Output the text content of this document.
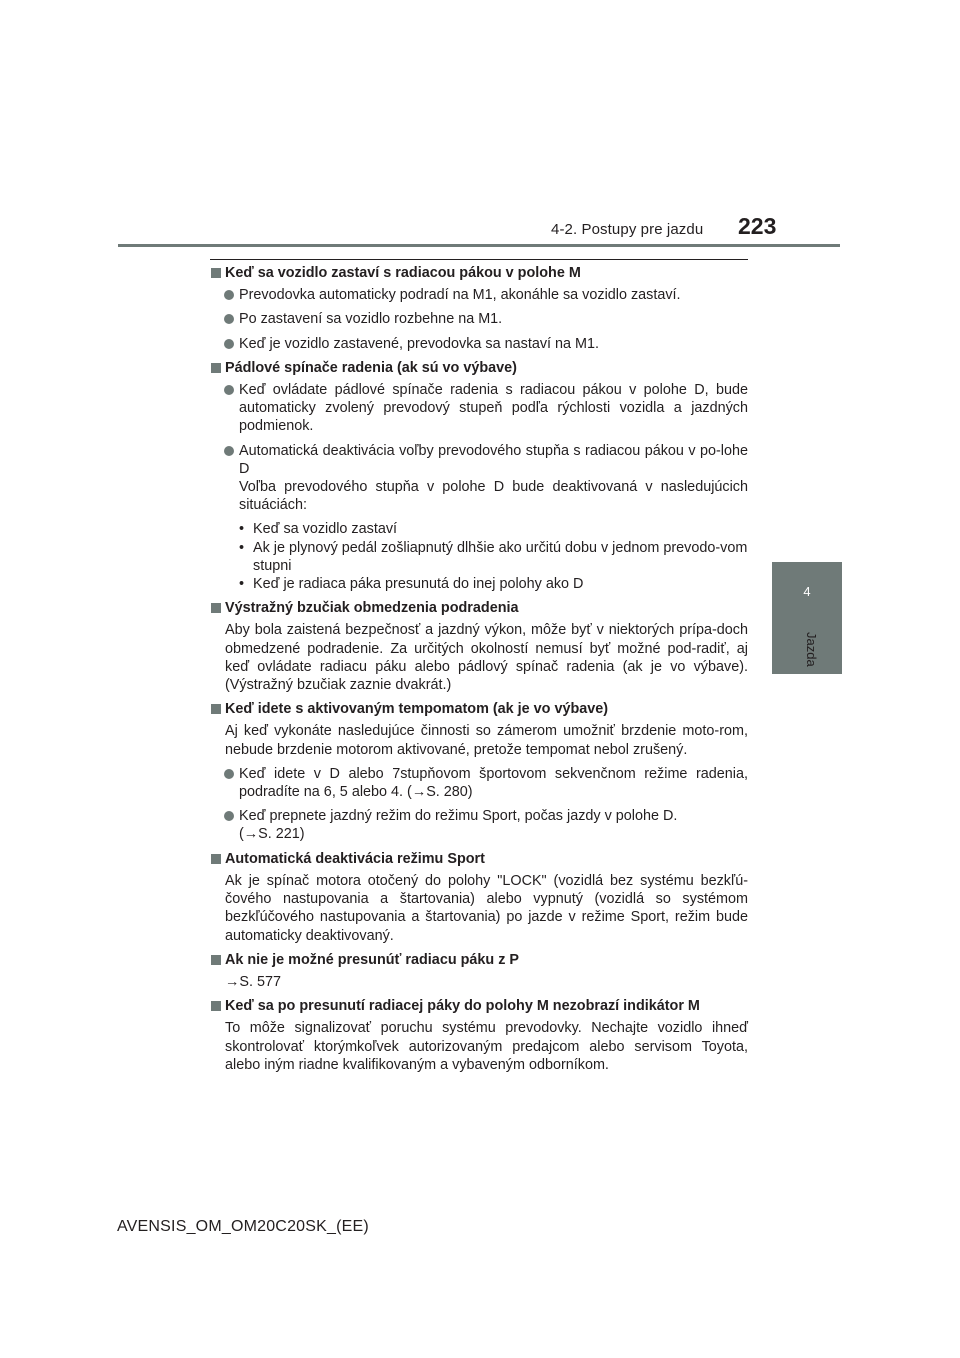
4-2. Postupy pre jazdu 223
4
Jazda
Keď sa vozidlo zastaví s radiacou pákou v polohe M
Prevodovka automaticky podradí na M1, akonáhle sa vozidlo zastaví.
Po zastavení sa vozidlo rozbehne na M1.
Keď je vozidlo zastavené, prevodovka sa nastaví na M1.
Pádlové spínače radenia (ak sú vo výbave)
Keď ovládate pádlové spínače radenia s radiacou pákou v polohe D, bude automaticky zvolený prevodový stupeň podľa rýchlosti vozidla a jazdných podmienok.
Automatická deaktivácia voľby prevodového stupňa s radiacou pákou v po-lohe D
Voľba prevodového stupňa v polohe D bude deaktivovaná v nasledujúcich situáciách:
• Keď sa vozidlo zastaví
• Ak je plynový pedál zošliapnutý dlhšie ako určitú dobu v jednom prevodo-vom stupni
• Keď je radiaca páka presunutá do inej polohy ako D
Výstražný bzučiak obmedzenia podradenia
Aby bola zaistená bezpečnosť a jazdný výkon, môže byť v niektorých prípa-doch obmedzené podradenie. Za určitých okolností nemusí byť možné pod-radiť, aj keď ovládate radiacu páku alebo pádlový spínač radenia (ak je vo výbave). (Výstražný bzučiak zaznie dvakrát.)
Keď idete s aktivovaným tempomatom (ak je vo výbave)
Aj keď vykonáte nasledujúce činnosti so zámerom umožniť brzdenie moto-rom, nebude brzdenie motorom aktivované, pretože tempomat nebol zrušený.
Keď idete v D alebo 7stupňovom športovom sekvenčnom režime radenia, podradíte na 6, 5 alebo 4. (→S. 280)
Keď prepnete jazdný režim do režimu Sport, počas jazdy v polohe D.
(→S. 221)
Automatická deaktivácia režimu Sport
Ak je spínač motora otočený do polohy "LOCK" (vozidlá bez systému bezkľú-čového nastupovania a štartovania) alebo vypnutý (vozidlá so systémom bezkľúčového nastupovania a štartovania) po jazde v režime Sport, režim bude automaticky deaktivovaný.
Ak nie je možné presunúť radiacu páku z P
→S. 577
Keď sa po presunutí radiacej páky do polohy M nezobrazí indikátor M
To môže signalizovať poruchu systému prevodovky. Nechajte vozidlo ihneď skontrolovať ktorýmkoľvek autorizovaným predajcom alebo servisom Toyota, alebo iným riadne kvalifikovaným a vybaveným odborníkom.
AVENSIS_OM_OM20C20SK_(EE)
